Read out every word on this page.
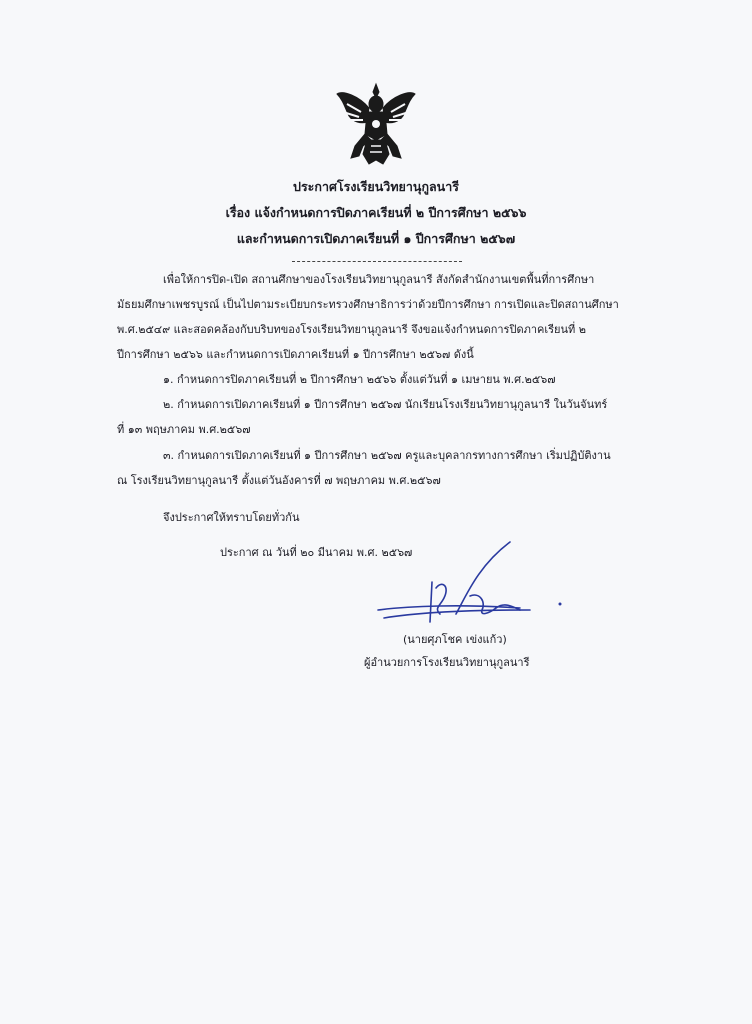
ประกาศโรงเรียนวิทยานุกูลนารี
เรื่อง แจ้งกำหนดการปิดภาคเรียนที่ ๒ ปีการศึกษา ๒๕๖๖
และกำหนดการเปิดภาคเรียนที่ ๑ ปีการศึกษา ๒๕๖๗
เพื่อให้การปิด-เปิด สถานศึกษาของโรงเรียนวิทยานุกูลนารี สังกัดสำนักงานเขตพื้นที่การศึกษา
มัธยมศึกษาเพชรบูรณ์ เป็นไปตามระเบียบกระทรวงศึกษาธิการว่าด้วยปีการศึกษา การเปิดและปิดสถานศึกษา
พ.ศ.๒๕๔๙ และสอดคล้องกับบริบทของโรงเรียนวิทยานุกูลนารี จึงขอแจ้งกำหนดการปิดภาคเรียนที่ ๒
ปีการศึกษา ๒๕๖๖ และกำหนดการเปิดภาคเรียนที่ ๑ ปีการศึกษา ๒๕๖๗ ดังนี้
๑. กำหนดการปิดภาคเรียนที่ ๒ ปีการศึกษา ๒๕๖๖ ตั้งแต่วันที่ ๑ เมษายน พ.ศ.๒๕๖๗
๒. กำหนดการเปิดภาคเรียนที่ ๑ ปีการศึกษา ๒๕๖๗ นักเรียนโรงเรียนวิทยานุกูลนารี ในวันจันทร์
ที่ ๑๓ พฤษภาคม พ.ศ.๒๕๖๗
๓. กำหนดการเปิดภาคเรียนที่ ๑ ปีการศึกษา ๒๕๖๗ ครูและบุคลากรทางการศึกษา เริ่มปฏิบัติงาน
ณ โรงเรียนวิทยานุกูลนารี ตั้งแต่วันอังคารที่ ๗ พฤษภาคม พ.ศ.๒๕๖๗
จึงประกาศให้ทราบโดยทั่วกัน
ประกาศ ณ วันที่ ๒๐ มีนาคม พ.ศ. ๒๕๖๗
(นายศุภโชค เข่งแก้ว)
ผู้อำนวยการโรงเรียนวิทยานุกูลนารี
